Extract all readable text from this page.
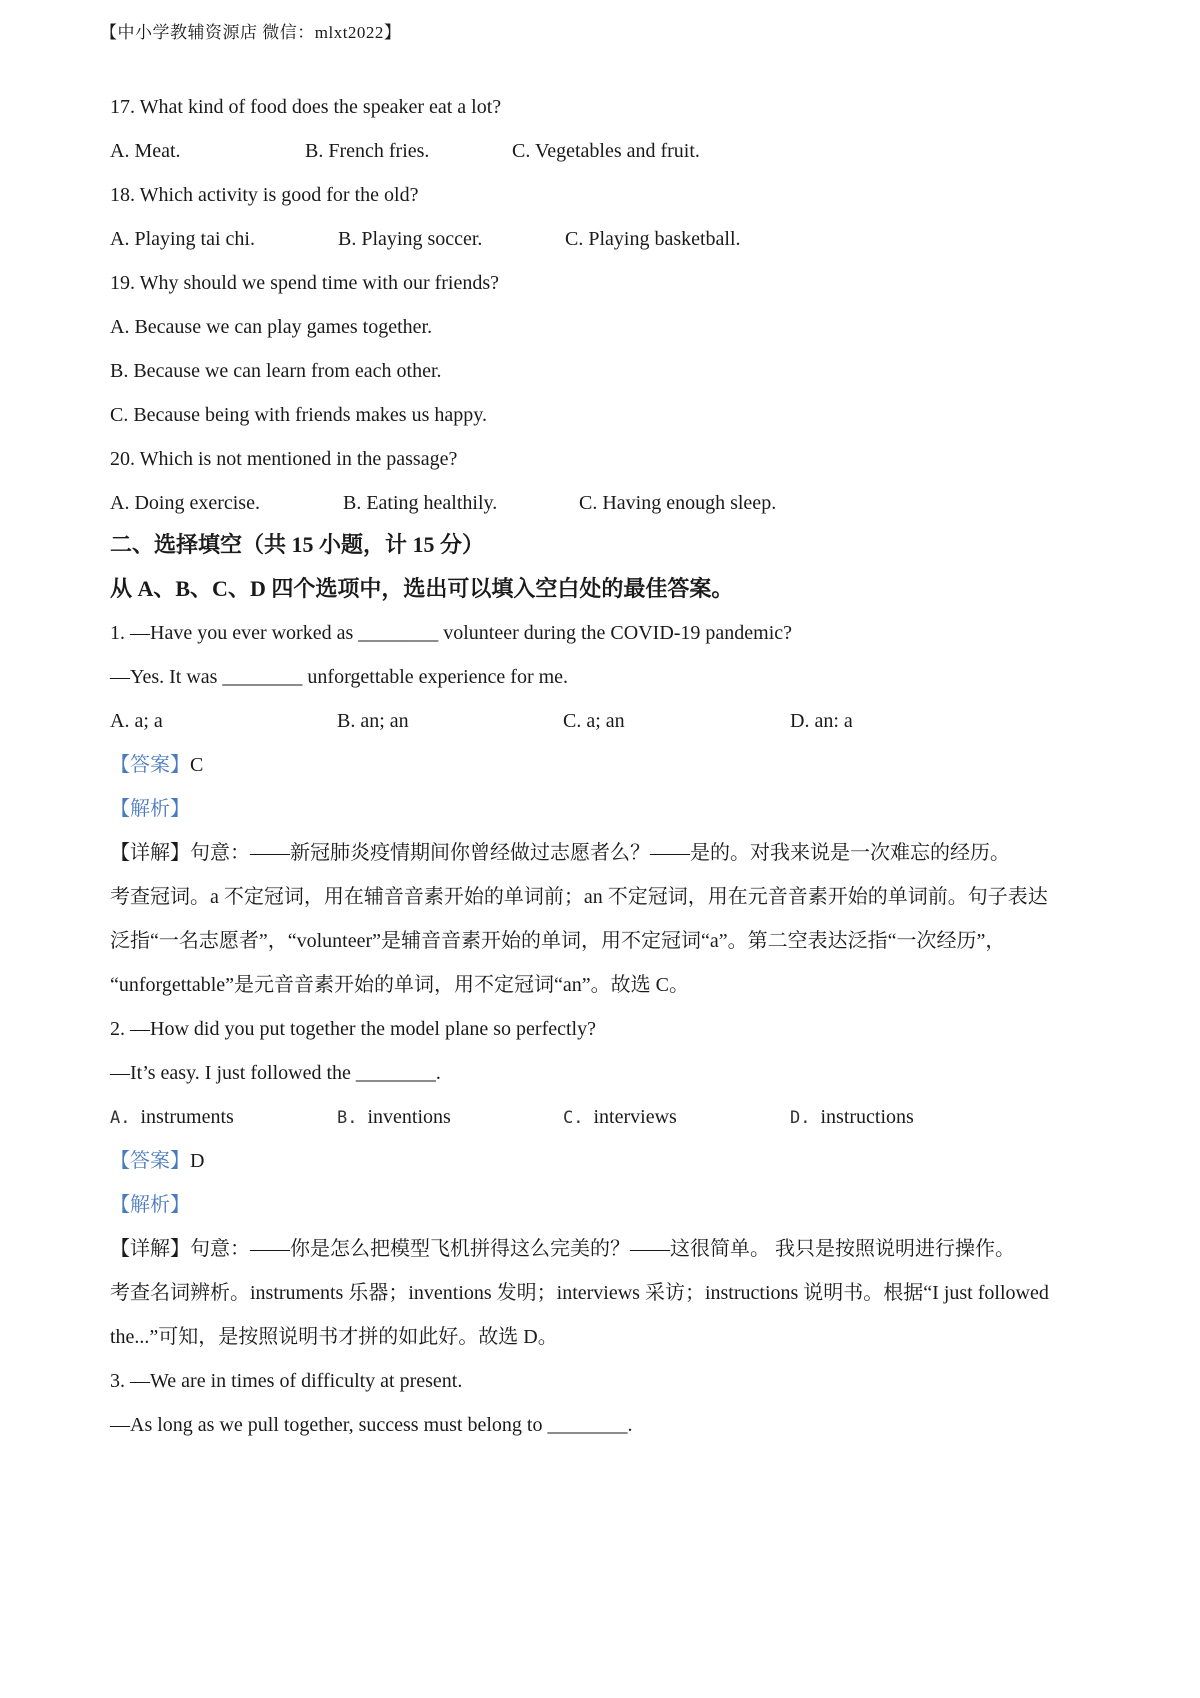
【中小学教辅资源店 微信：mlxt2022】
17. What kind of food does the speaker eat a lot?
A. Meat.	B. French fries.	C. Vegetables and fruit.
18. Which activity is good for the old?
A. Playing tai chi.	B. Playing soccer.	C. Playing basketball.
19. Why should we spend time with our friends?
A. Because we can play games together.
B. Because we can learn from each other.
C. Because being with friends makes us happy.
20. Which is not mentioned in the passage?
A. Doing exercise.	B. Eating healthily.	C. Having enough sleep.
二、选择填空（共 15 小题，计 15 分）
从 A、B、C、D 四个选项中，选出可以填入空白处的最佳答案。
1. —Have you ever worked as ________ volunteer during the COVID-19 pandemic?
—Yes. It was ________ unforgettable experience for me.
A. a; a	B. an; an	C. a; an	D. an: a
【答案】C
【解析】
【详解】句意：——新冠肺炎疫情期间你曾经做过志愿者么？——是的。对我来说是一次难忘的经历。
考查冠词。a 不定冠词，用在辅音音素开始的单词前；an 不定冠词，用在元音音素开始的单词前。句子表达
泛指“一名志愿者”，“volunteer”是辅音音素开始的单词，用不定冠词“a”。第二空表达泛指“一次经历”，
“unforgettable”是元音音素开始的单词，用不定冠词“an”。故选 C。
2. —How did you put together the model plane so perfectly?
—It’s easy. I just followed the ________.
A. instruments	B. inventions	C. interviews	D. instructions
【答案】D
【解析】
【详解】句意：——你是怎么把模型飞机拼得这么完美的？——这很简单。 我只是按照说明进行操作。
考查名词辨析。instruments 乐器；inventions 发明；interviews 采访；instructions 说明书。根据“I just followed
the...”可知，是按照说明书才拼的如此好。故选 D。
3. —We are in times of difficulty at present.
—As long as we pull together, success must belong to ________.
